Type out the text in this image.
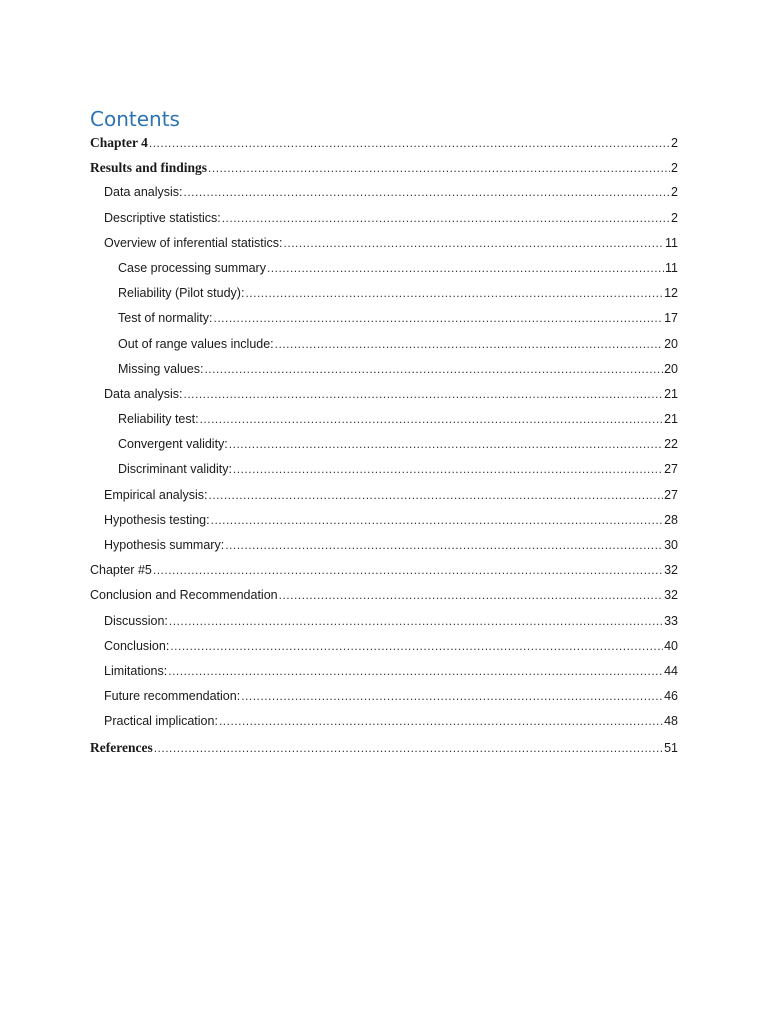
Contents
Chapter 4 .....	2
Results and findings .....	2
Data analysis: .....	2
Descriptive statistics: .....	2
Overview of inferential statistics: .....	11
Case processing summary .....	11
Reliability (Pilot study): .....	12
Test of normality: .....	17
Out of range values include: .....	20
Missing values: .....	20
Data analysis: .....	21
Reliability test: .....	21
Convergent validity: .....	22
Discriminant validity: .....	27
Empirical analysis: .....	27
Hypothesis testing: .....	28
Hypothesis summary: .....	30
Chapter #5 .....	32
Conclusion and Recommendation .....	32
Discussion: .....	33
Conclusion: .....	40
Limitations: .....	44
Future recommendation: .....	46
Practical implication: .....	48
References .....	51
